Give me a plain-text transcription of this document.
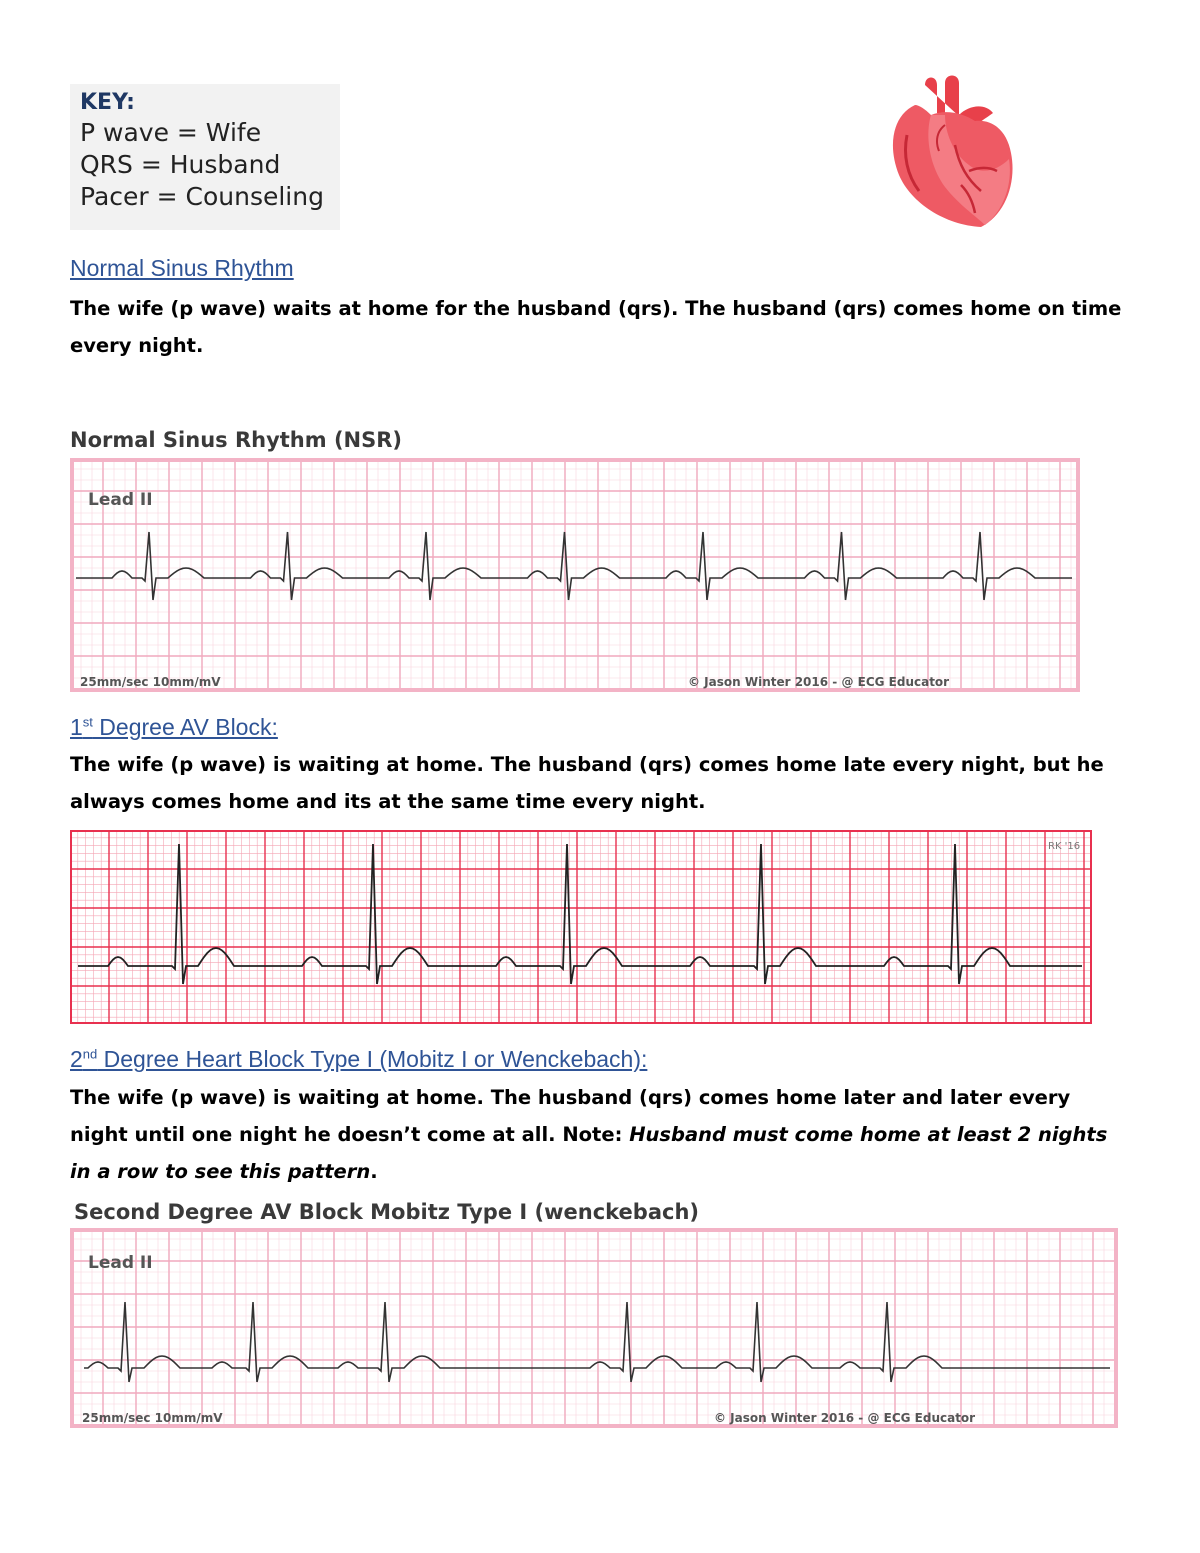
KEY:
P wave = Wife
QRS = Husband
Pacer = Counseling
Normal Sinus Rhythm
The wife (p wave) waits at home for the husband (qrs). The husband (qrs) comes home on time every night.
Normal Sinus Rhythm (NSR)
Lead II
25mm/sec 10mm/mV	© Jason Winter 2016 - @ ECG Educator
1st Degree AV Block:
The wife (p wave) is waiting at home. The husband (qrs) comes home late every night, but he always comes home and its at the same time every night.
RK '16
2nd Degree Heart Block Type I (Mobitz I or Wenckebach):
The wife (p wave) is waiting at home. The husband (qrs) comes home later and later every night until one night he doesn’t come at all. Note: Husband must come home at least 2 nights in a row to see this pattern.
Second Degree AV Block Mobitz Type I (wenckebach)
Lead II
25mm/sec 10mm/mV	© Jason Winter 2016 - @ ECG Educator
